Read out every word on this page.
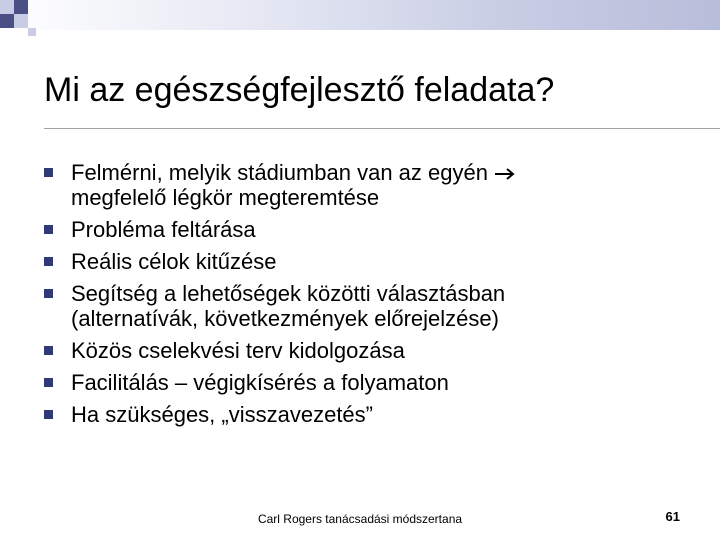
Mi az egészségfejlesztő feladata?
Felmérni, melyik stádiumban van az egyén
megfelelő légkör megteremtése
Probléma feltárása
Reális célok kitűzése
Segítség a lehetőségek közötti választásban
(alternatívák, következmények előrejelzése)
Közös cselekvési terv kidolgozása
Facilitálás – végigkísérés a folyamaton
Ha szükséges, „visszavezetés”
Carl Rogers tanácsadási módszertana	61
